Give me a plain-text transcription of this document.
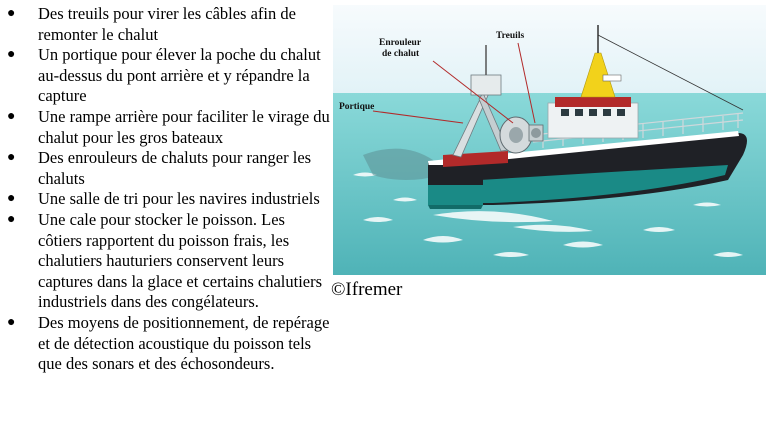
● Des treuils pour virer les câbles afin de remonter le chalut
● Un portique pour élever la poche du chalut au-dessus du pont arrière et y répandre la capture
● Une rampe arrière pour faciliter le virage du chalut pour les gros bateaux
● Des enrouleurs de chaluts pour ranger les chaluts
● Une salle de tri pour les navires industriels
● Une cale pour stocker le poisson. Les côtiers rapportent du poisson frais, les chalutiers hauturiers conservent leurs captures dans la glace et certains chalutiers industriels dans des congélateurs.
● Des moyens de positionnement, de repérage et de détection acoustique du poisson tels que des sonars et des échosondeurs.
Enrouleur
de chalut
Treuils
Portique
©Ifremer
